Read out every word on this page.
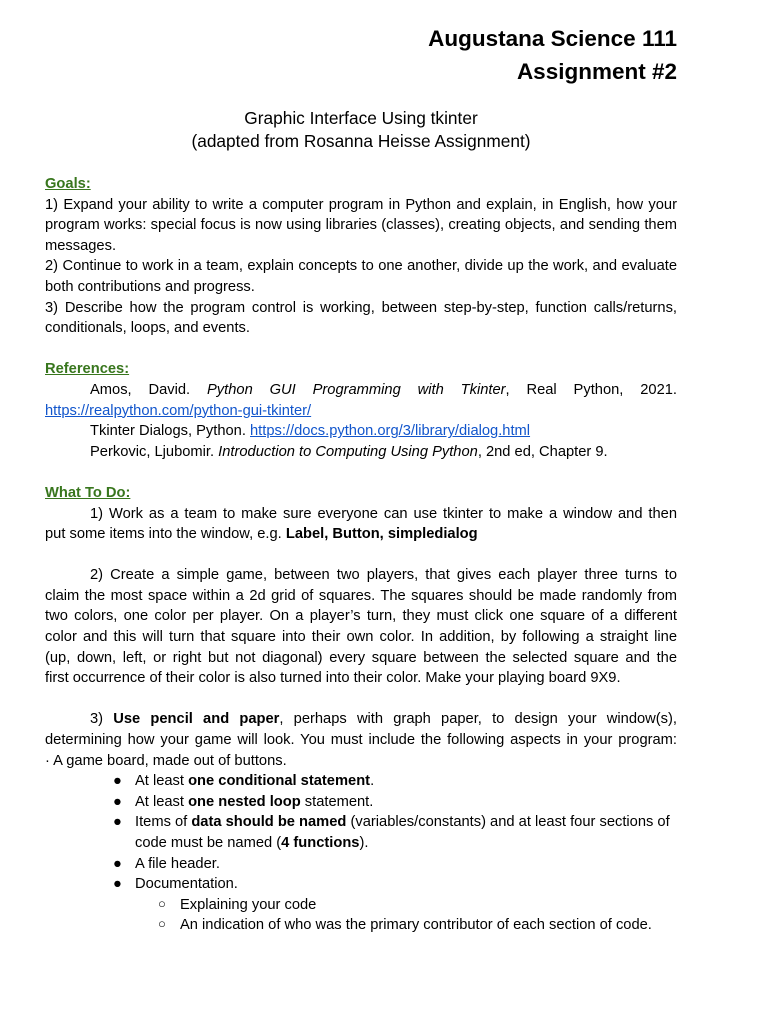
Augustana Science 111
Assignment #2
Graphic Interface Using tkinter
(adapted from Rosanna Heisse Assignment)
Goals:
1) Expand your ability to write a computer program in Python and explain, in English, how your program works: special focus is now using libraries (classes), creating objects, and sending them messages.
2) Continue to work in a team, explain concepts to one another, divide up the work, and evaluate both contributions and progress.
3) Describe how the program control is working, between step-by-step, function calls/returns, conditionals, loops, and events.
References:
Amos, David. Python GUI Programming with Tkinter, Real Python, 2021.
https://realpython.com/python-gui-tkinter/
Tkinter Dialogs, Python. https://docs.python.org/3/library/dialog.html
Perkovic, Ljubomir. Introduction to Computing Using Python, 2nd ed, Chapter 9.
What To Do:
1) Work as a team to make sure everyone can use tkinter to make a window and then
put some items into the window, e.g. Label, Button, simpledialog
2) Create a simple game, between two players, that gives each player three turns to
claim the most space within a 2d grid of squares. The squares should be made randomly from
two colors, one color per player. On a player’s turn, they must click one square of a different
color and this will turn that square into their own color. In addition, by following a straight line
(up, down, left, or right but not diagonal) every square between the selected square and the
first occurrence of their color is also turned into their color. Make your playing board 9X9.
3) Use pencil and paper, perhaps with graph paper, to design your window(s),
determining how your game will look. You must include the following aspects in your program:
· A game board, made out of buttons.
● At least one conditional statement.
● At least one nested loop statement.
● Items of data should be named (variables/constants) and at least four sections of code must be named (4 functions).
● A file header.
● Documentation.
○ Explaining your code
○ An indication of who was the primary contributor of each section of code.
